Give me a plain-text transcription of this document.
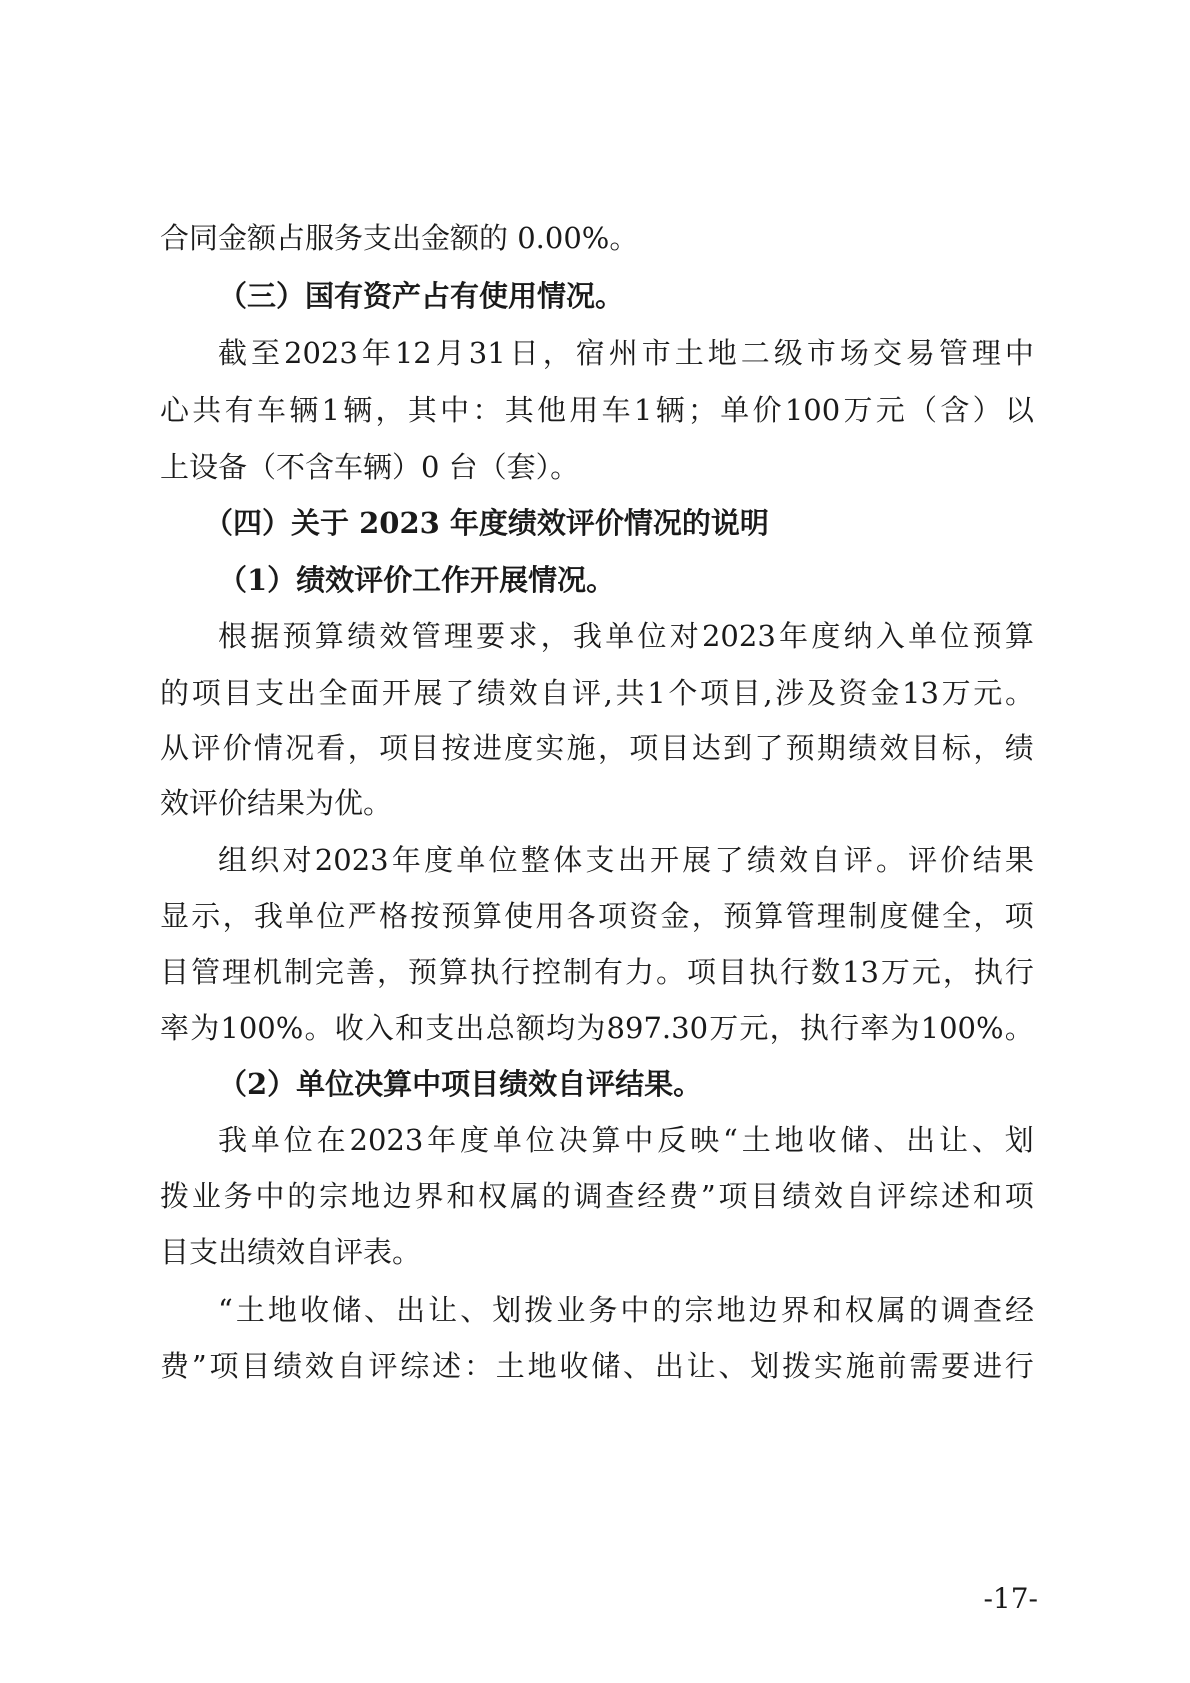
合同金额占服务支出金额的 0.00%。
（三）国有资产占有使用情况。
截 至 2023 年 12 月 31 日 ， 宿 州 市 土 地 二 级 市 场 交 易 管 理 中
心 共 有 车 辆 1 辆 ， 其 中 ： 其 他 用 车 1 辆 ； 单 价 100 万 元 （ 含 ） 以
上设备（不含车辆）0 台（套）。
（四）关于 2023 年度绩效评价情况的说明
（1）绩效评价工作开展情况。
根 据 预 算 绩 效 管 理 要 求 ， 我 单 位 对 2023 年 度 纳 入 单 位 预 算
的 项 目 支 出 全 面 开 展 了 绩 效 自 评 , 共 1 个 项 目 , 涉 及 资 金 13 万 元 。
从 评 价 情 况 看 ， 项 目 按 进 度 实 施 ， 项 目 达 到 了 预 期 绩 效 目 标 ， 绩
效评价结果为优。
组 织 对 2023 年 度 单 位 整 体 支 出 开 展 了 绩 效 自 评 。 评 价 结 果
显 示 ， 我 单 位 严 格 按 预 算 使 用 各 项 资 金 ， 预 算 管 理 制 度 健 全 ， 项
目 管 理 机 制 完 善 ， 预 算 执 行 控 制 有 力 。 项 目 执 行 数 13 万 元 ， 执 行
率 为 100% 。 收 入 和 支 出 总 额 均 为 897.30 万 元 ， 执 行 率 为 100% 。
（2）单位决算中项目绩效自评结果。
我 单 位 在 2023 年 度 单 位 决 算 中 反 映 “ 土 地 收 储 、 出 让 、 划
拨 业 务 中 的 宗 地 边 界 和 权 属 的 调 查 经 费 ” 项 目 绩 效 自 评 综 述 和 项
目支出绩效自评表。
“ 土 地 收 储 、 出 让 、 划 拨 业 务 中 的 宗 地 边 界 和 权 属 的 调 查 经
费 ” 项 目 绩 效 自 评 综 述 ： 土 地 收 储 、 出 让 、 划 拨 实 施 前 需 要 进 行
-17-
